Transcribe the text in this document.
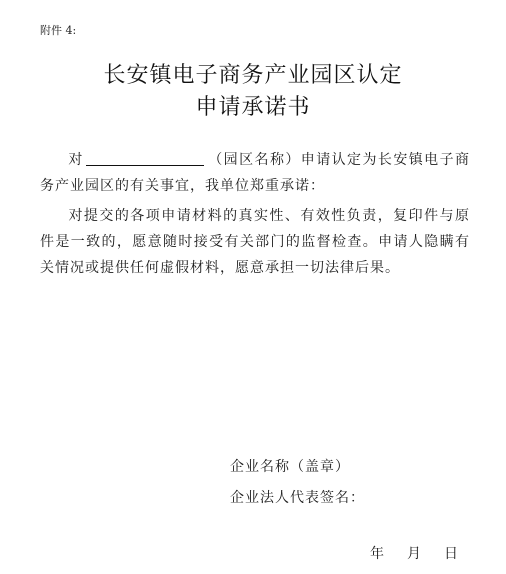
附件 4:
长安镇电子商务产业园区认定
申请承诺书

对	（园区名称）申请认定为长安镇电子商务产业园区的有关事宜，我单位郑重承诺：

对提交的各项申请材料的真实性、有效性负责，复印件与原件是一致的，愿意随时接受有关部门的监督检查。申请人隐瞒有关情况或提供任何虚假材料，愿意承担一切法律后果。

企业名称（盖章）
企业法人代表签名：
年 月 日
